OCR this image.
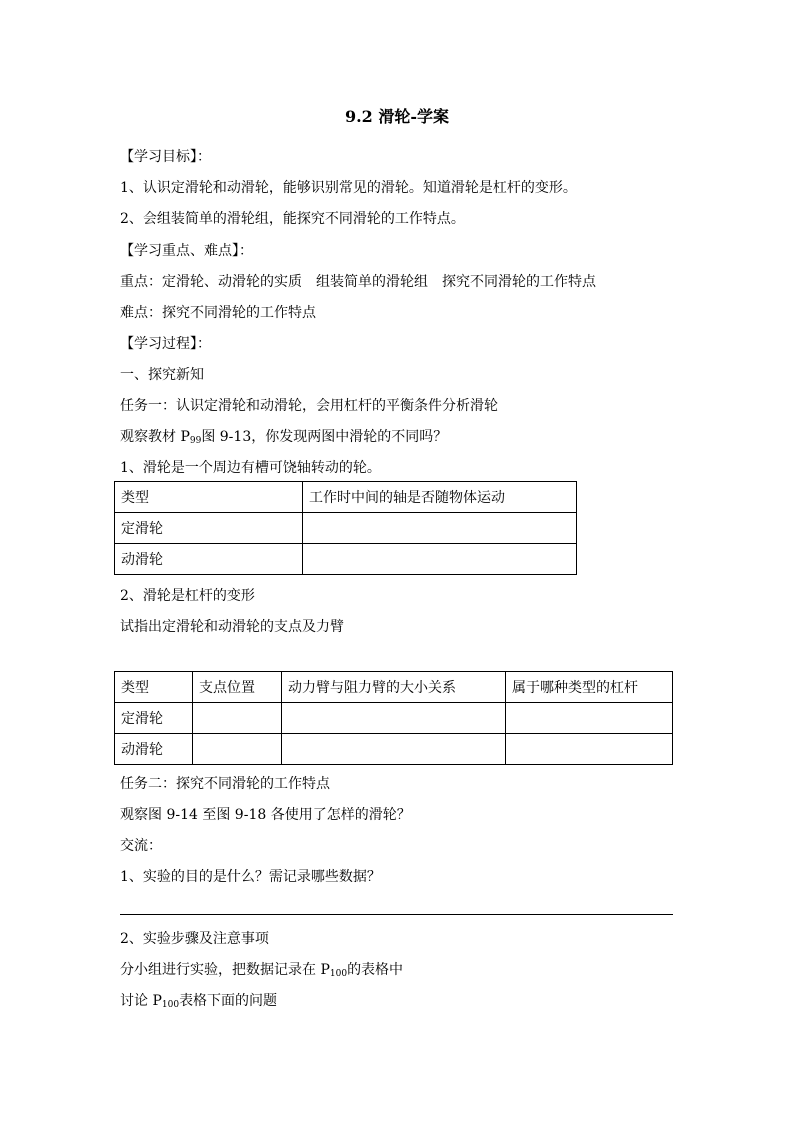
9.2 滑轮-学案
【学习目标】：
1、认识定滑轮和动滑轮，能够识别常见的滑轮。知道滑轮是杠杆的变形。
2、会组装简单的滑轮组，能探究不同滑轮的工作特点。
【学习重点、难点】：
重点：定滑轮、动滑轮的实质　组装简单的滑轮组　探究不同滑轮的工作特点
难点：探究不同滑轮的工作特点
【学习过程】：
一、探究新知
任务一：认识定滑轮和动滑轮，会用杠杆的平衡条件分析滑轮
观察教材 $P_{99}$图 9-13，你发现两图中滑轮的不同吗？
1、滑轮是一个周边有槽可饶轴转动的轮。
类型	工作时中间的轴是否随物体运动
定滑轮	
动滑轮	
2、滑轮是杠杆的变形
试指出定滑轮和动滑轮的支点及力臂
类型	支点位置	动力臂与阻力臂的大小关系	属于哪种类型的杠杆
定滑轮			
动滑轮			
任务二：探究不同滑轮的工作特点
观察图 9-14 至图 9-18 各使用了怎样的滑轮？
交流：
1、实验的目的是什么？需记录哪些数据？
2、实验步骤及注意事项
分小组进行实验，把数据记录在 $P_{100}$的表格中
讨论 $P_{100}$表格下面的问题
